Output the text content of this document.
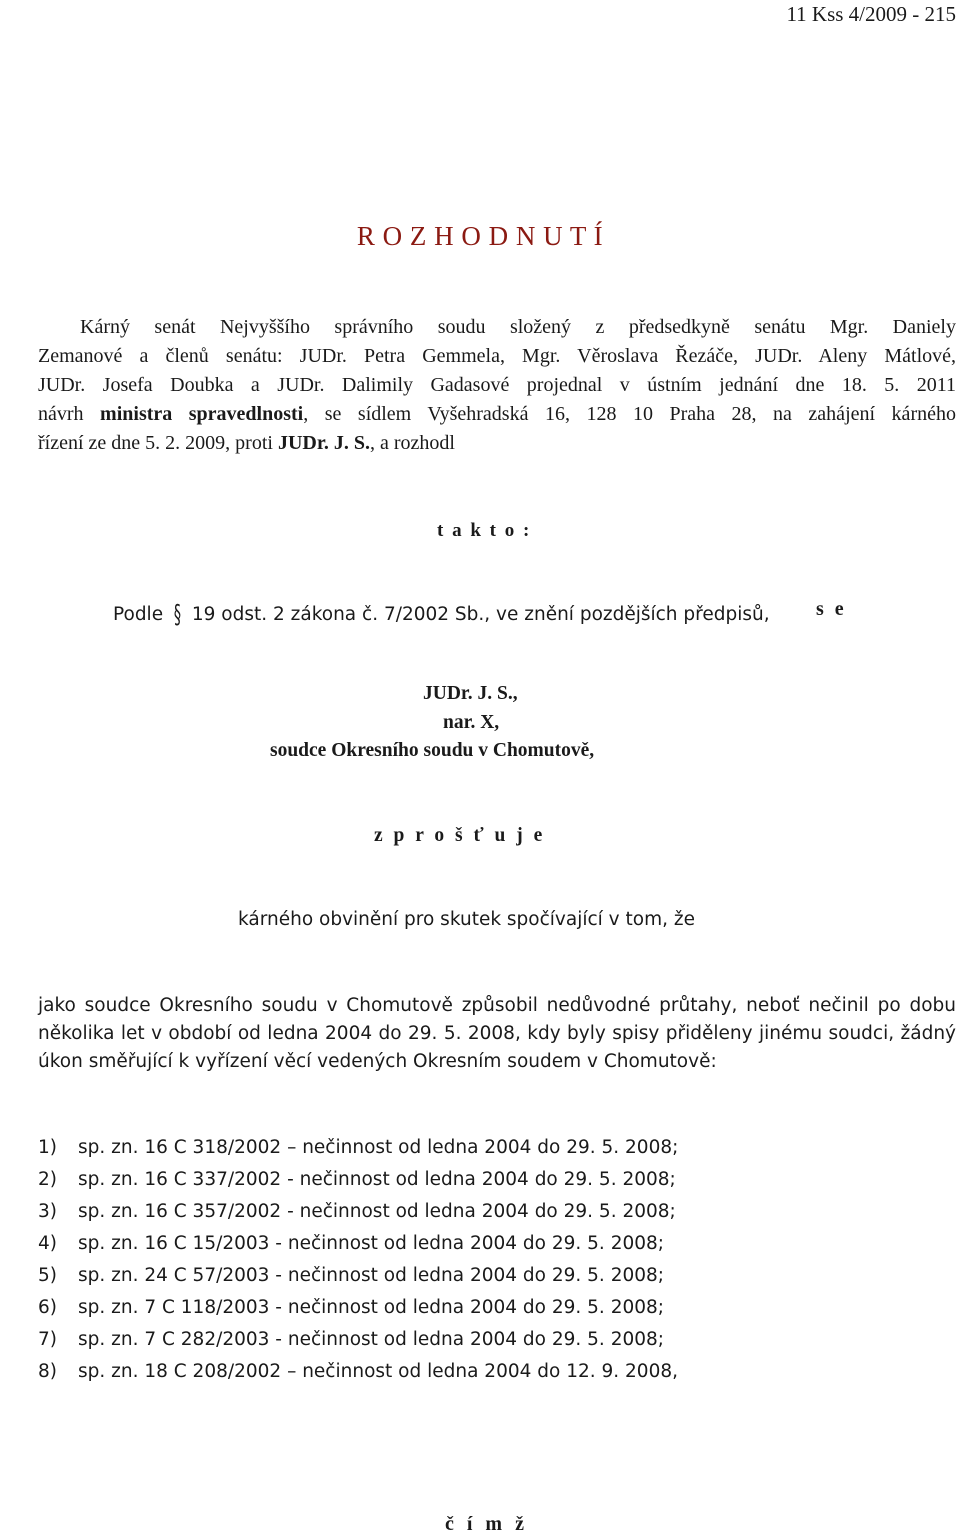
11 Kss 4/2009 - 215
R O Z H O D N U T Í
Kárný senát Nejvyššího správního soudu složený z předsedkyně senátu Mgr. Daniely
Zemanové a členů senátu: JUDr. Petra Gemmela, Mgr. Věroslava Řezáče, JUDr. Aleny Mátlové,
JUDr. Josefa Doubka a JUDr. Dalimily Gadasové projednal v ústním jednání dne 18. 5. 2011
návrh ministra spravedlnosti, se sídlem Vyšehradská 16, 128 10 Praha 28, na zahájení kárného
řízení ze dne 5. 2. 2009, proti JUDr. J. S., a rozhodl
t a k t o :
Podle § 19 odst. 2 zákona č. 7/2002 Sb., ve znění pozdějších předpisů, s e
JUDr. J. S.,
nar. X,
soudce Okresního soudu v Chomutově,
z p r o š ť u j e
kárného obvinění pro skutek spočívající v tom, že
jako soudce Okresního soudu v Chomutově způsobil nedůvodné průtahy, neboť nečinil po dobu
několika let v období od ledna 2004 do 29. 5. 2008, kdy byly spisy přiděleny jinému soudci, žádný
úkon směřující k vyřízení věcí vedených Okresním soudem v Chomutově:
1) sp. zn. 16 C 318/2002 – nečinnost od ledna 2004 do 29. 5. 2008;
2) sp. zn. 16 C 337/2002 - nečinnost od ledna 2004 do 29. 5. 2008;
3) sp. zn. 16 C 357/2002 - nečinnost od ledna 2004 do 29. 5. 2008;
4) sp. zn. 16 C 15/2003 - nečinnost od ledna 2004 do 29. 5. 2008;
5) sp. zn. 24 C 57/2003 - nečinnost od ledna 2004 do 29. 5. 2008;
6) sp. zn. 7 C 118/2003 - nečinnost od ledna 2004 do 29. 5. 2008;
7) sp. zn. 7 C 282/2003 - nečinnost od ledna 2004 do 29. 5. 2008;
8) sp. zn. 18 C 208/2002 – nečinnost od ledna 2004 do 12. 9. 2008,
č í m ž
